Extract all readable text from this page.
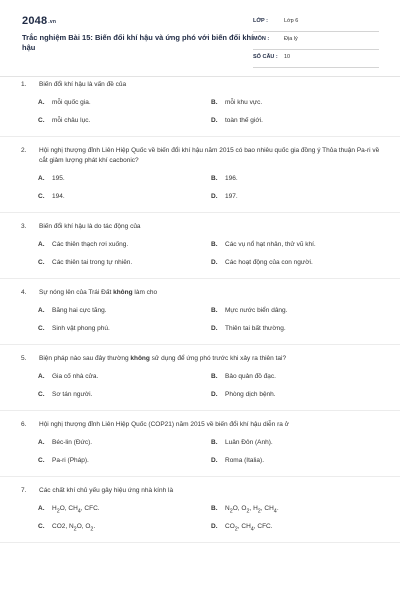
2048.vn
Trắc nghiệm Bài 15: Biến đổi khí hậu và ứng phó với biến đổi khí hậu
LỚP :	Lớp 6
MÔN :	Địa lý
SỐ CÂU : 10
1. Biến đổi khí hậu là vấn đề của
A. mỗi quốc gia.	B. mỗi khu vực.
C. mỗi châu lục.	D. toàn thế giới.
2. Hội nghị thượng đỉnh Liên Hiệp Quốc về biến đổi khí hậu năm 2015 có bao nhiêu quốc gia đồng ý Thỏa thuận Pa-ri về cắt giảm lượng phát khí cacbonic?
A. 195.	B. 196.
C. 194.	D. 197.
3. Biến đổi khí hậu là do tác động của
A. Các thiên thạch rơi xuống.	B. Các vụ nổ hạt nhân, thử vũ khí.
C. Các thiên tai trong tự nhiên.	D. Các hoạt động của con người.
4. Sự nóng lên của Trái Đất không làm cho
A. Băng hai cực tăng.	B. Mực nước biển dâng.
C. Sinh vật phong phú.	D. Thiên tai bất thường.
5. Biện pháp nào sau đây thường không sử dụng để ứng phó trước khi xảy ra thiên tai?
A. Gia cố nhà cửa.	B. Bảo quản đồ đạc.
C. Sơ tán người.	D. Phòng dịch bệnh.
6. Hội nghị thượng đỉnh Liên Hiệp Quốc (COP21) năm 2015 về biến đổi khí hậu diễn ra ở
A. Béc-lin (Đức).	B. Luân Đôn (Anh).
C. Pa-ri (Pháp).	D. Roma (Italia).
7. Các chất khí chủ yếu gây hiệu ứng nhà kính là
A. $H_2O$, $CH_4$, CFC.	B. $N_2O$, $O_2$, $H_2$, $CH_4$.
C. CO2, $N_2O$, $O_2$.	D. $CO_2$, $CH_4$, CFC.
